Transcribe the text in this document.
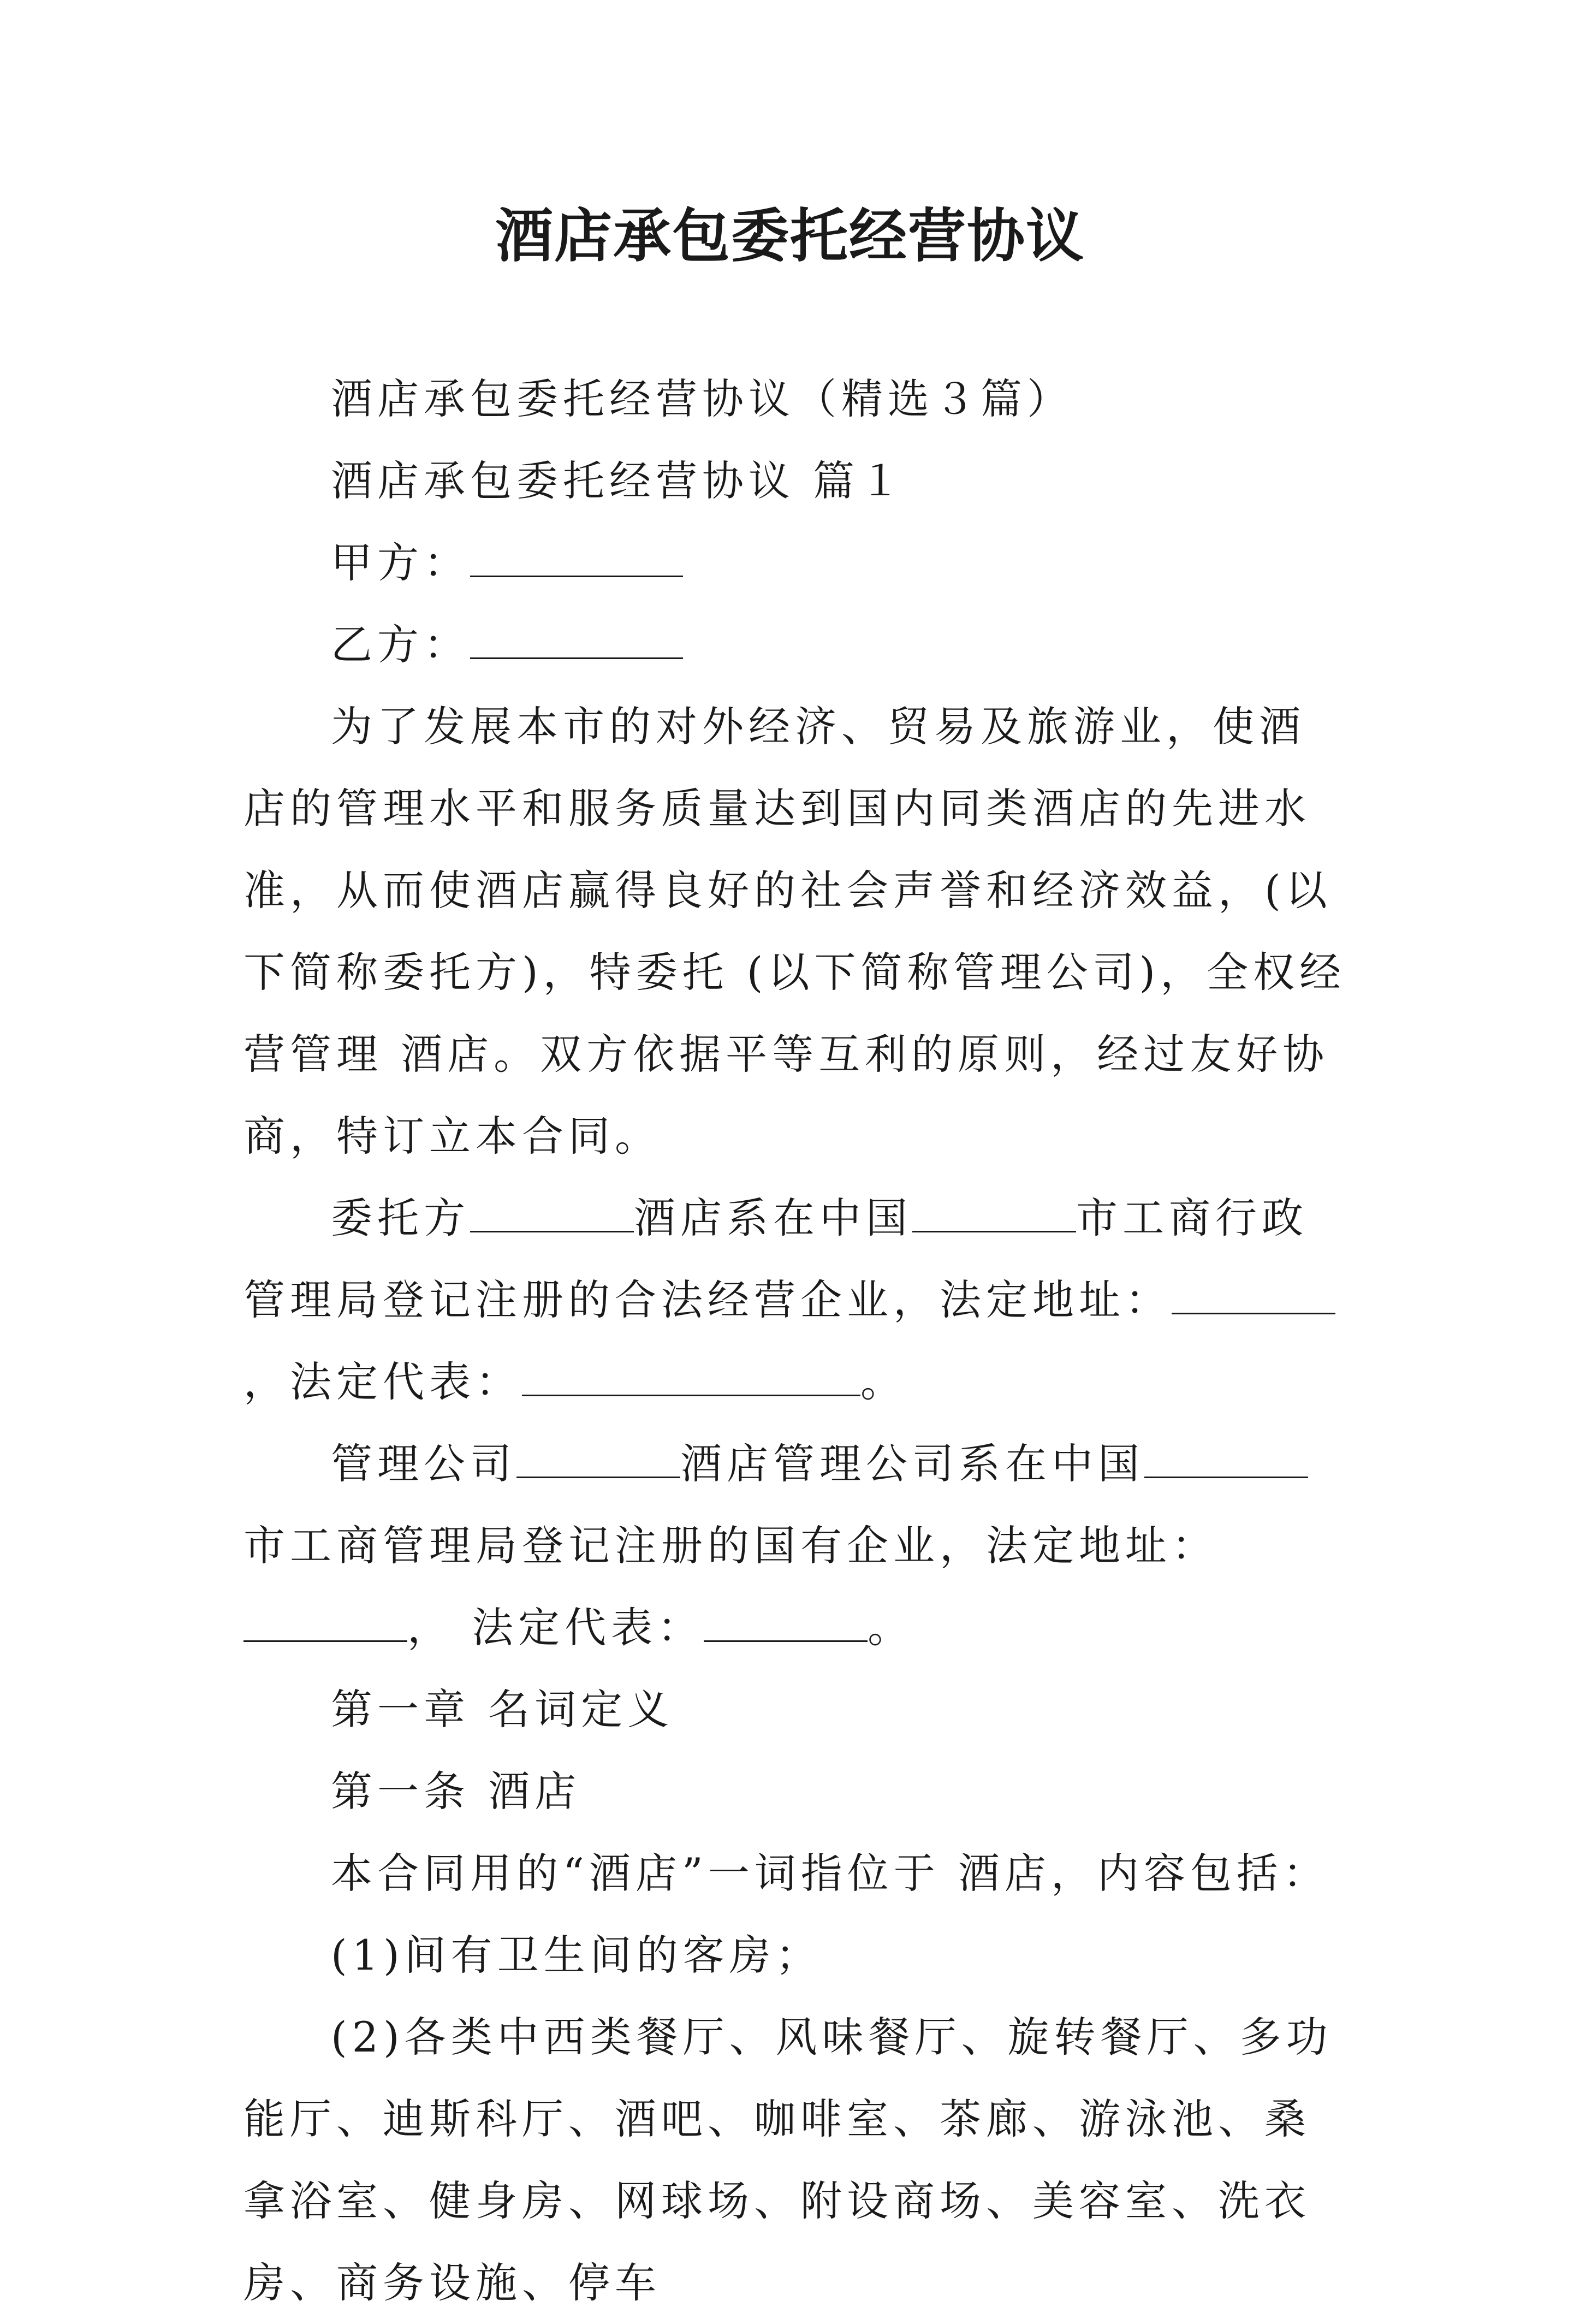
酒店承包委托经营协议

酒店承包委托经营协议（精选３篇）

酒店承包委托经营协议 篇１

甲方：

乙方：

为了发展本市的对外经济、贸易及旅游业，使酒店的管理水平和服务质量达到国内同类酒店的先进水准，从而使酒店赢得良好的社会声誉和经济效益，(以下简称委托方)，特委托 (以下简称管理公司)，全权经营管理 酒店。双方依据平等互利的原则，经过友好协商，特订立本合同。

委托方	酒店系在中国	市工商行政管理局登记注册的合法经营企业，法定地址：，法定代表：	。

管理公司	酒店管理公司系在中国市工商管理局登记注册的国有企业，法定地址：， 法定代表：	。

第一章 名词定义

第一条 酒店

本合同用的“酒店”一词指位于 酒店，内容包括：

(1)间有卫生间的客房；

(2)各类中西类餐厅、风味餐厅、旋转餐厅、多功能厅、迪斯科厅、酒吧、咖啡室、茶廊、游泳池、桑拿浴室、健身房、网球场、附设商场、美容室、洗衣房、商务设施、停车
